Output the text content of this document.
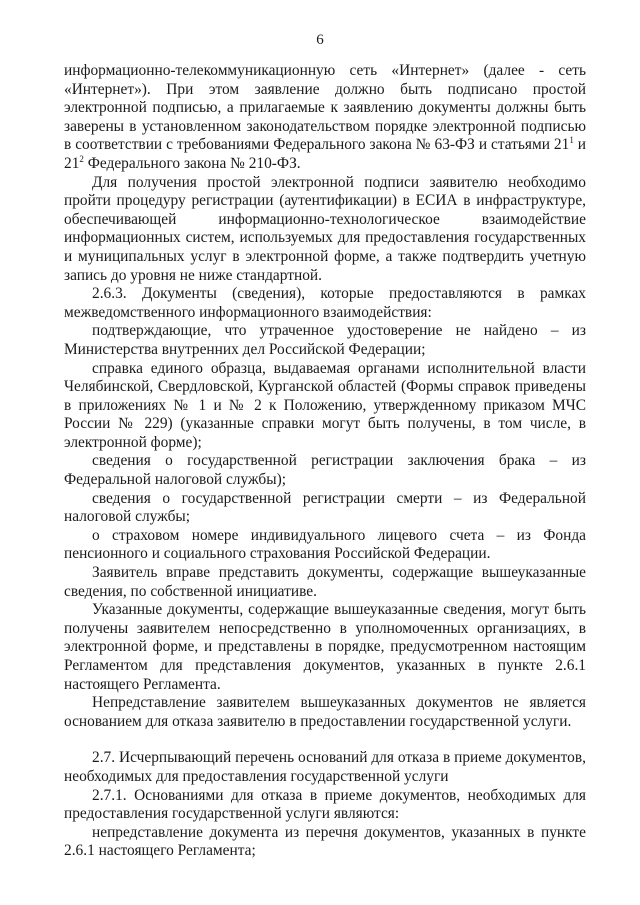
6

информационно-телекоммуникационную сеть «Интернет» (далее - сеть «Интернет»). При этом заявление должно быть подписано простой электронной подписью, а прилагаемые к заявлению документы должны быть заверены в установленном законодательством порядке электронной подписью в соответствии с требованиями Федерального закона № 63-ФЗ и статьями $21^1$ и $21^2$ Федерального закона № 210-ФЗ.

Для получения простой электронной подписи заявителю необходимо пройти процедуру регистрации (аутентификации) в ЕСИА в инфраструктуре, обеспечивающей информационно-технологическое взаимодействие информационных систем, используемых для предоставления государственных и муниципальных услуг в электронной форме, а также подтвердить учетную запись до уровня не ниже стандартной.

2.6.3. Документы (сведения), которые предоставляются в рамках межведомственного информационного взаимодействия:

подтверждающие, что утраченное удостоверение не найдено – из Министерства внутренних дел Российской Федерации;

справка единого образца, выдаваемая органами исполнительной власти Челябинской, Свердловской, Курганской областей (Формы справок приведены в приложениях № 1 и № 2 к Положению, утвержденному приказом МЧС России № 229) (указанные справки могут быть получены, в том числе, в электронной форме);

сведения о государственной регистрации заключения брака – из Федеральной налоговой службы);

сведения о государственной регистрации смерти – из Федеральной налоговой службы;

о страховом номере индивидуального лицевого счета – из Фонда пенсионного и социального страхования Российской Федерации.

Заявитель вправе представить документы, содержащие вышеуказанные сведения, по собственной инициативе.

Указанные документы, содержащие вышеуказанные сведения, могут быть получены заявителем непосредственно в уполномоченных организациях, в электронной форме, и представлены в порядке, предусмотренном настоящим Регламентом для представления документов, указанных в пункте 2.6.1 настоящего Регламента.

Непредставление заявителем вышеуказанных документов не является основанием для отказа заявителю в предоставлении государственной услуги.

2.7. Исчерпывающий перечень оснований для отказа в приеме документов, необходимых для предоставления государственной услуги

2.7.1. Основаниями для отказа в приеме документов, необходимых для предоставления государственной услуги являются:

непредставление документа из перечня документов, указанных в пункте 2.6.1 настоящего Регламента;
